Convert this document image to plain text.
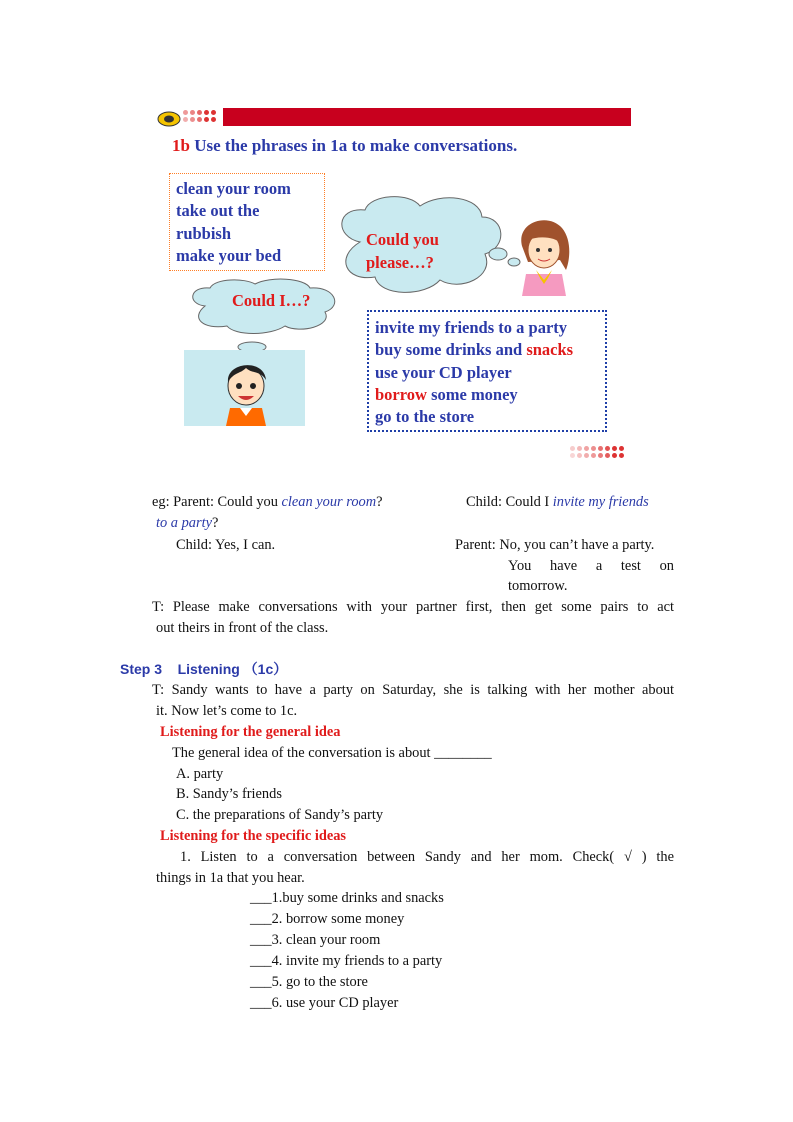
1b Use the phrases in 1a to make conversations.
clean your room
take out the
rubbish
make your bed
Could you
please…?
Could I…?
invite my friends to a party
buy some drinks and snacks
use your CD player
borrow some money
go to the store
eg: Parent: Could you clean your room?	Child: Could I invite my friends
to a party?
Child: Yes, I can.	Parent: No, you can’t have a party.
You have a test on
tomorrow.
T: Please make conversations with your partner first, then get some pairs to act
out theirs in front of the class.
Step 3    Listening （1c）
T: Sandy wants to have a party on Saturday, she is talking with her mother about
it. Now let’s come to 1c.
Listening for the general idea
The general idea of the conversation is about ________
A. party
B. Sandy’s friends
C. the preparations of Sandy’s party
Listening for the specific ideas
1. Listen to a conversation between Sandy and her mom. Check( √ ) the
things in 1a that you hear.
___1.buy some drinks and snacks
___2. borrow some money
___3. clean your room
___4. invite my friends to a party
___5. go to the store
___6. use your CD player
